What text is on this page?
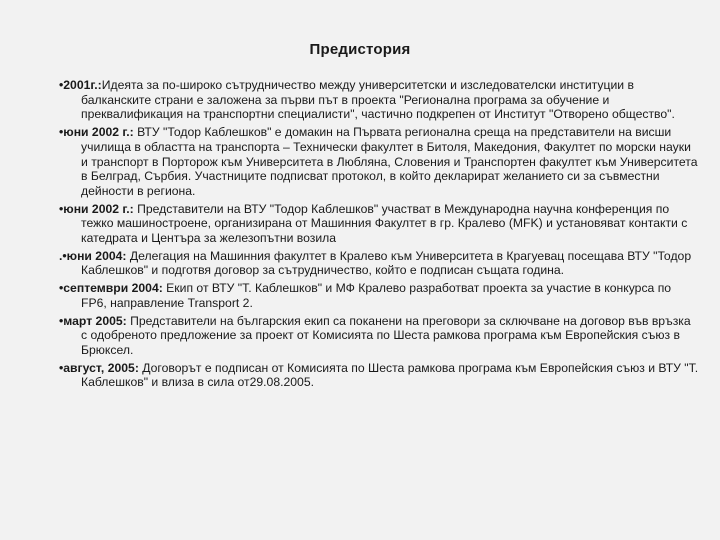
Предистория

•2001г.:Идеята за по-широко сътрудничество между университетски и изследователски институции в балканските страни е заложена за първи път в проекта "Регионална програма за обучение и преквалификация на транспортни специалисти", частично подкрепен от Институт "Отворено общество".

•юни 2002 г.: ВТУ "Тодор Каблешков" е домакин на Първата регионална среща на представители на висши училища в областта на транспорта – Технически факултет в Битоля, Македония, Факултет по морски науки и транспорт в Порторож към Университета в Любляна, Словения и Транспортен факултет към Университета в Белград, Сърбия. Участниците подписват протокол, в който декларират желанието си за съвместни дейности в региона.

•юни 2002 г.: Представители на ВТУ "Тодор Каблешков" участват в Международна научна конференция по тежко машиностроене, организирана от Машинния Факултет в гр. Кралево (MFK) и установяват контакти с катедрата и Центъра за железопътни возила

.•юни 2004: Делегация на Машинния факултет в Кралево към Университета в Крагуевац посещава ВТУ "Тодор Каблешков" и подготвя договор за сътрудничество, който е подписан същата година.

•септември 2004: Екип от ВТУ "Т. Каблешков" и МФ Кралево разработват проекта за участие в конкурса по FP6, направление Transport 2.

•март 2005: Представители на българския екип са поканени на преговори за сключване на договор във връзка с одобреното предложение за проект от Комисията по Шеста рамкова програма към Европейския съюз в Брюксел.

•август, 2005: Договорът е подписан от Комисията по Шеста рамкова програма към Европейския съюз и ВТУ "Т. Каблешков" и влиза в сила от29.08.2005.
